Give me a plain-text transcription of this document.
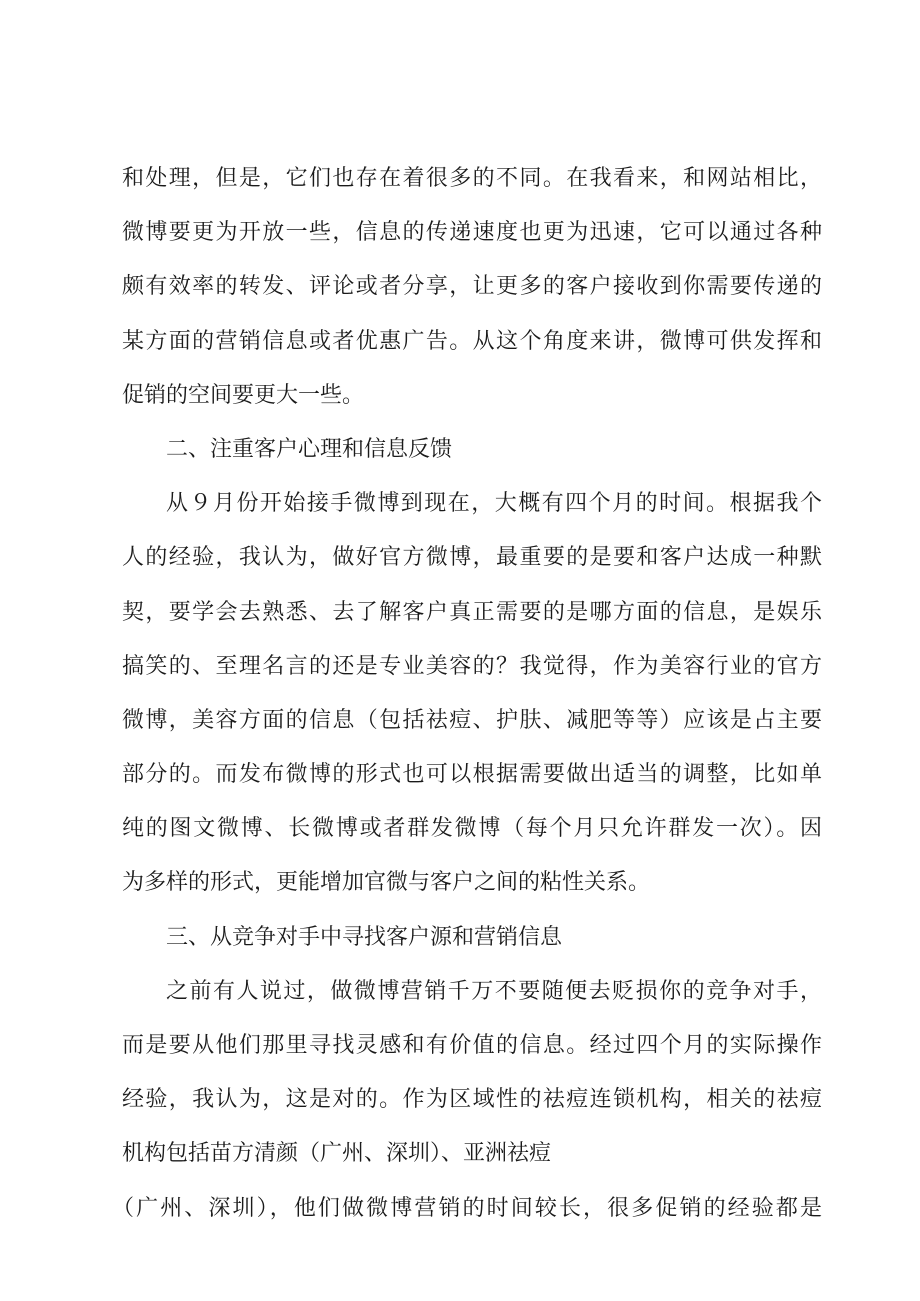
和处理，但是，它们也存在着很多的不同。在我看来，和网站相比，
微博要更为开放一些，信息的传递速度也更为迅速，它可以通过各种
颇有效率的转发、评论或者分享，让更多的客户接收到你需要传递的
某方面的营销信息或者优惠广告。从这个角度来讲，微博可供发挥和
促销的空间要更大一些。
二、注重客户心理和信息反馈
从９月份开始接手微博到现在，大概有四个月的时间。根据我个
人的经验，我认为，做好官方微博，最重要的是要和客户达成一种默
契，要学会去熟悉、去了解客户真正需要的是哪方面的信息，是娱乐
搞笑的、至理名言的还是专业美容的？我觉得，作为美容行业的官方
微博，美容方面的信息（包括祛痘、护肤、减肥等等）应该是占主要
部分的。而发布微博的形式也可以根据需要做出适当的调整，比如单
纯的图文微博、长微博或者群发微博（每个月只允许群发一次）。因
为多样的形式，更能增加官微与客户之间的粘性关系。
三、从竞争对手中寻找客户源和营销信息
之前有人说过，做微博营销千万不要随便去贬损你的竞争对手，
而是要从他们那里寻找灵感和有价值的信息。经过四个月的实际操作
经验，我认为，这是对的。作为区域性的祛痘连锁机构，相关的祛痘
机构包括苗方清颜（广州、深圳）、亚洲祛痘
（广州、深圳），他们做微博营销的时间较长，很多促销的经验都是
